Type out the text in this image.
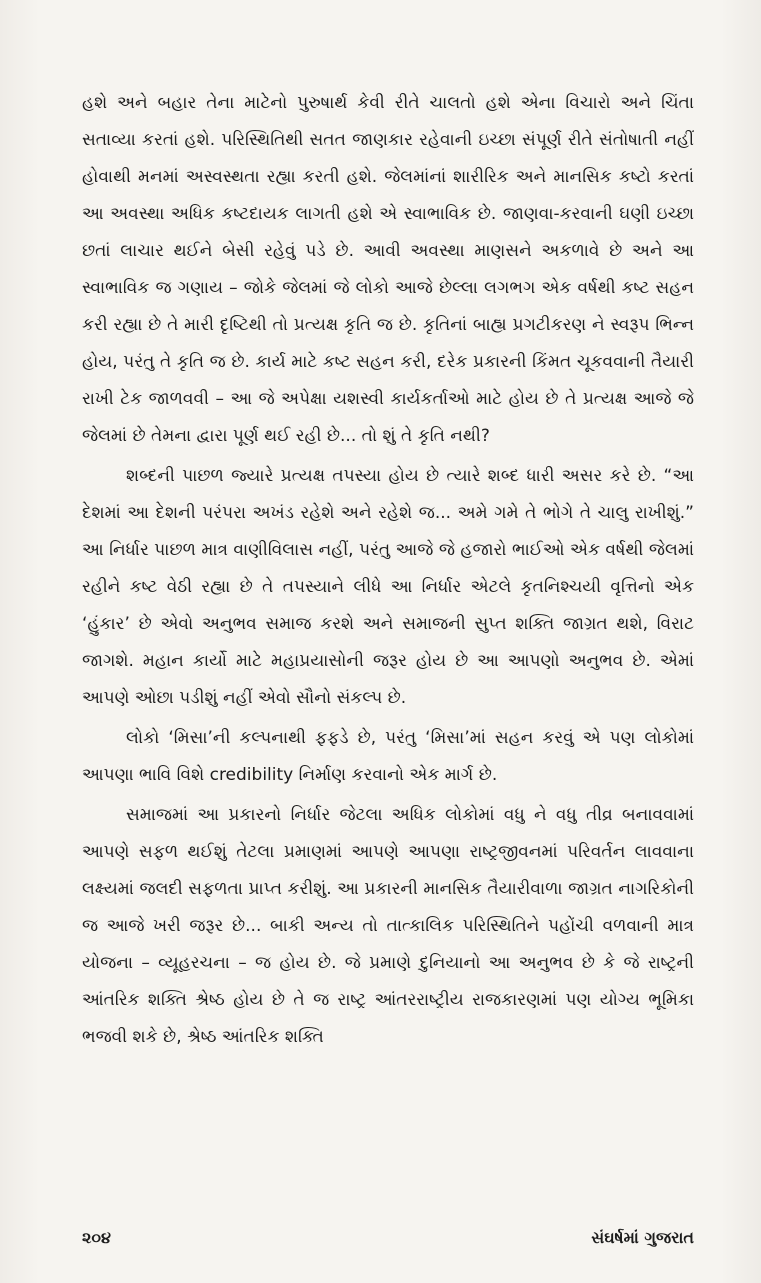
હશે અને બહાર તેના માટેનો પુરુષાર્થ કેવી રીતે ચાલતો હશે એના વિચારો અને ચિંતા સતાવ્યા કરતાં હશે. પરિસ્થિતિથી સતત જાણકાર રહેવાની ઇચ્છા સંપૂર્ણ રીતે સંતોષાતી નહીં હોવાથી મનમાં અસ્વસ્થતા રહ્યા કરતી હશે. જેલમાંનાં શારીરિક અને માનસિક કષ્ટો કરતાં આ અવસ્થા અધિક કષ્ટદાયક લાગતી હશે એ સ્વાભાવિક છે. જાણવા-કરવાની ઘણી ઇચ્છા છતાં લાચાર થઈને બેસી રહેવું પડે છે. આવી અવસ્થા માણસને અકળાવે છે અને આ સ્વાભાવિક જ ગણાય – જોકે જેલમાં જે લોકો આજે છેલ્લા લગભગ એક વર્ષથી કષ્ટ સહન કરી રહ્યા છે તે મારી દૃષ્ટિથી તો પ્રત્યક્ષ કૃતિ જ છે. કૃતિનાં બાહ્ય પ્રગટીકરણ ને સ્વરૂપ ભિન્ન હોય, પરંતુ તે કૃતિ જ છે. કાર્ય માટે કષ્ટ સહન કરી, દરેક પ્રકારની કિંમત ચૂકવવાની તૈયારી રાખી ટેક જાળવવી – આ જે અપેક્ષા યશસ્વી કાર્યકર્તાઓ માટે હોય છે તે પ્રત્યક્ષ આજે જે જેલમાં છે તેમના દ્વારા પૂર્ણ થઈ રહી છે... તો શું તે કૃતિ નથી?

શબ્દની પાછળ જ્યારે પ્રત્યક્ષ તપસ્યા હોય છે ત્યારે શબ્દ ધારી અસર કરે છે. “આ દેશમાં આ દેશની પરંપરા અખંડ રહેશે અને રહેશે જ... અમે ગમે તે ભોગે તે ચાલુ રાખીશું.” આ નિર્ધાર પાછળ માત્ર વાણીવિલાસ નહીં, પરંતુ આજે જે હજારો ભાઈઓ એક વર્ષથી જેલમાં રહીને કષ્ટ વેઠી રહ્યા છે તે તપસ્યાને લીધે આ નિર્ધાર એટલે કૃતનિશ્ચયી વૃત્તિનો એક ‘હુંકાર’ છે એવો અનુભવ સમાજ કરશે અને સમાજની સુપ્ત શક્તિ જાગ્રત થશે, વિરાટ જાગશે. મહાન કાર્યો માટે મહાપ્રયાસોની જરૂર હોય છે આ આપણો અનુભવ છે. એમાં આપણે ઓછા પડીશું નહીં એવો સૌનો સંકલ્પ છે.

લોકો ‘મિસા’ની કલ્પનાથી ફફડે છે, પરંતુ ‘મિસા’માં સહન કરવું એ પણ લોકોમાં આપણા ભાવિ વિશે credibility નિર્માણ કરવાનો એક માર્ગ છે.

સમાજમાં આ પ્રકારનો નિર્ધાર જેટલા અધિક લોકોમાં વધુ ને વધુ તીવ્ર બનાવવામાં આપણે સફળ થઈશું તેટલા પ્રમાણમાં આપણે આપણા રાષ્ટ્રજીવનમાં પરિવર્તન લાવવાના લક્ષ્યમાં જલદી સફળતા પ્રાપ્ત કરીશું. આ પ્રકારની માનસિક તૈયારીવાળા જાગ્રત નાગરિકોની જ આજે ખરી જરૂર છે... બાકી અન્ય તો તાત્કાલિક પરિસ્થિતિને પહોંચી વળવાની માત્ર યોજના – વ્યૂહરચના – જ હોય છે. જે પ્રમાણે દુનિયાનો આ અનુભવ છે કે જે રાષ્ટ્રની આંતરિક શક્તિ શ્રેષ્ઠ હોય છે તે જ રાષ્ટ્ર આંતરરાષ્ટ્રીય રાજકારણમાં પણ યોગ્ય ભૂમિકા ભજવી શકે છે, શ્રેષ્ઠ આંતરિક શક્તિ

૨૦૪	સંઘર્ષમાં ગુજરાત
